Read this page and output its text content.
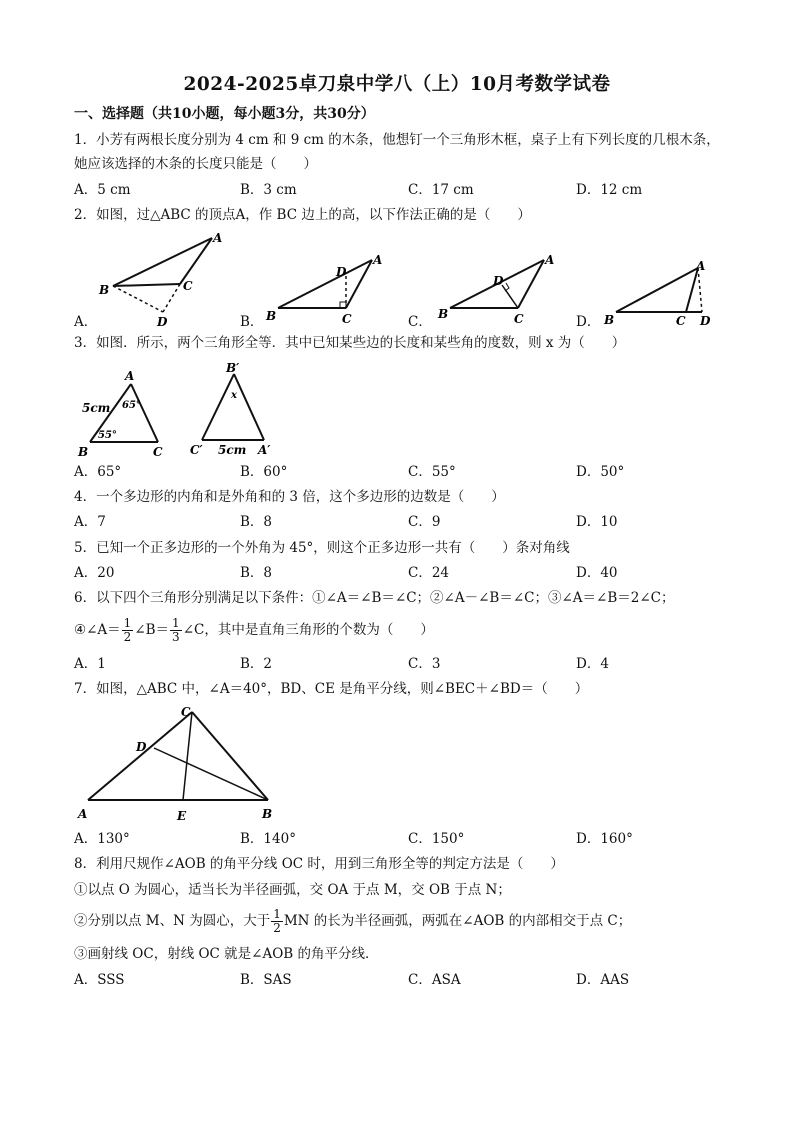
2024-2025卓刀泉中学八（上）10月考数学试卷
一、选择题（共10小题，每小题3分，共30分）
1．小芳有两根长度分别为 4 cm 和 9 cm 的木条，他想钉一个三角形木框，桌子上有下列长度的几根木条，
她应该选择的木条的长度只能是（　　）
A．5 cm	B．3 cm	C．17 cm	D．12 cm
2．如图，过△ABC 的顶点A，作 BC 边上的高，以下作法正确的是（　　）
A．	B．	C．	D．
A
B	C
D
A
B	C
D
A
B	C
D
A
B	C D
3．如图．所示，两个三角形全等．其中已知某些边的长度和某些角的度数，则 x 为（　　）
A
B	C
5cm 65°
55°
B′
x
C′ 5cm A′
A．65°	B．60°	C．55°	D．50°
4．一个多边形的内角和是外角和的 3 倍，这个多边形的边数是（　　）
A．7	B．8	C．9	D．10
5．已知一个正多边形的一个外角为 45°，则这个正多边形一共有（　　）条对角线
A．20	B．8	C．24	D．40
6．以下四个三角形分别满足以下条件：①∠A＝∠B＝∠C；②∠A－∠B＝∠C；③∠A＝∠B＝2∠C；
④∠A＝ $\frac{1}{2}$ ∠B＝ $\frac{1}{3}$ ∠C，其中是直角三角形的个数为（　　）
A．1	B．2	C．3	D．4
7．如图，△ABC 中，∠A＝40°，BD、CE 是角平分线，则∠BEC＋∠BD＝（　　）
C
D
A	E	B
A．130°	B．140°	C．150°	D．160°
8．利用尺规作∠AOB 的角平分线 OC 时，用到三角形全等的判定方法是（　　）
①以点 O 为圆心，适当长为半径画弧，交 OA 于点 M，交 OB 于点 N；
②分别以点 M、N 为圆心，大于 $\frac{1}{2}$ MN 的长为半径画弧，两弧在∠AOB 的内部相交于点 C；
③画射线 OC，射线 OC 就是∠AOB 的角平分线．
A．SSS	B．SAS	C．ASA	D．AAS
